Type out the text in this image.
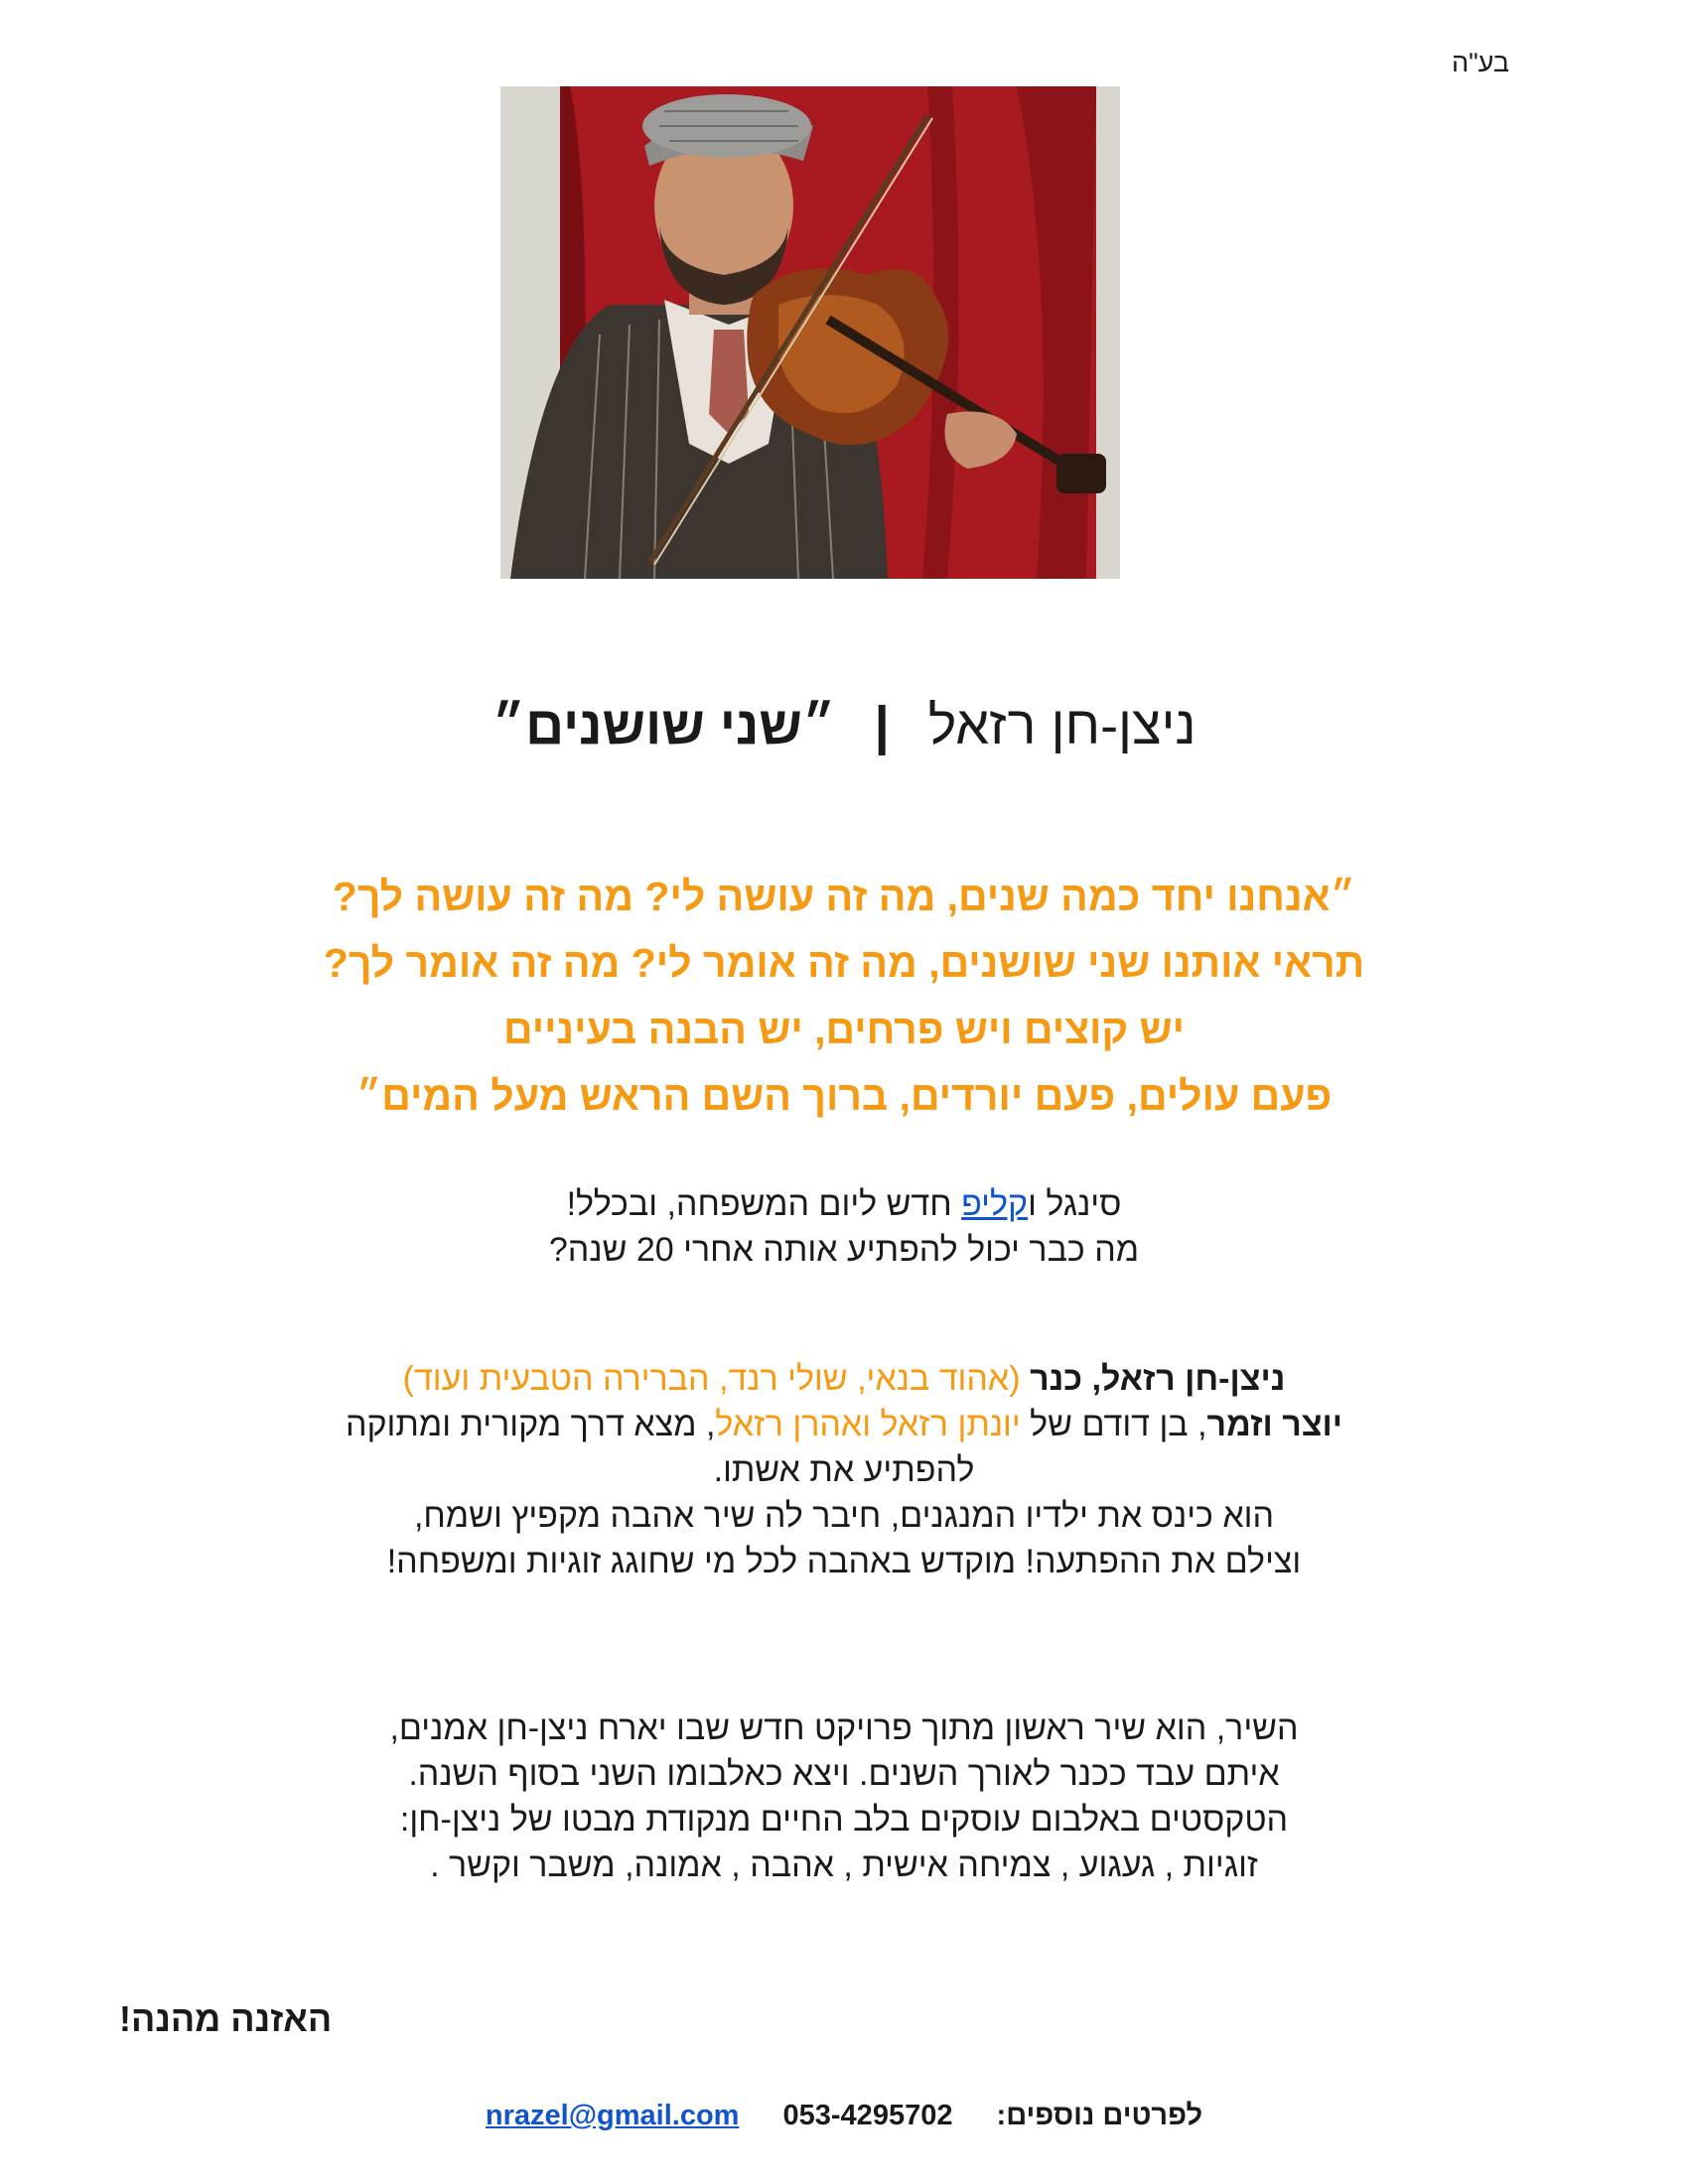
בע"ה
ניצן-חן רזאל | ״שני שושנים״
״אנחנו יחד כמה שנים, מה זה עושה לי? מה זה עושה לך?
תראי אותנו שני שושנים, מה זה אומר לי? מה זה אומר לך?
יש קוצים ויש פרחים, יש הבנה בעיניים
פעם עולים, פעם יורדים, ברוך השם הראש מעל המים״
סינגל וקליפ חדש ליום המשפחה, ובכלל!
מה כבר יכול להפתיע אותה אחרי 20 שנה?
ניצן-חן רזאל, כנר (אהוד בנאי, שולי רנד, הברירה הטבעית ועוד)
יוצר וזמר, בן דודם של יונתן רזאל ואהרן רזאל, מצא דרך מקורית ומתוקה
להפתיע את אשתו.
הוא כינס את ילדיו המנגנים, חיבר לה שיר אהבה מקפיץ ושמח,
וצילם את ההפתעה! מוקדש באהבה לכל מי שחוגג זוגיות ומשפחה!
השיר, הוא שיר ראשון מתוך פרויקט חדש שבו יארח ניצן-חן אמנים,
איתם עבד ככנר לאורך השנים. ויצא כאלבומו השני בסוף השנה.
הטקסטים באלבום עוסקים בלב החיים מנקודת מבטו של ניצן-חן:
זוגיות , געגוע , צמיחה אישית , אהבה , אמונה, משבר וקשר .
האזנה מהנה!
לפרטים נוספים: 053-4295702 nrazel@gmail.com
